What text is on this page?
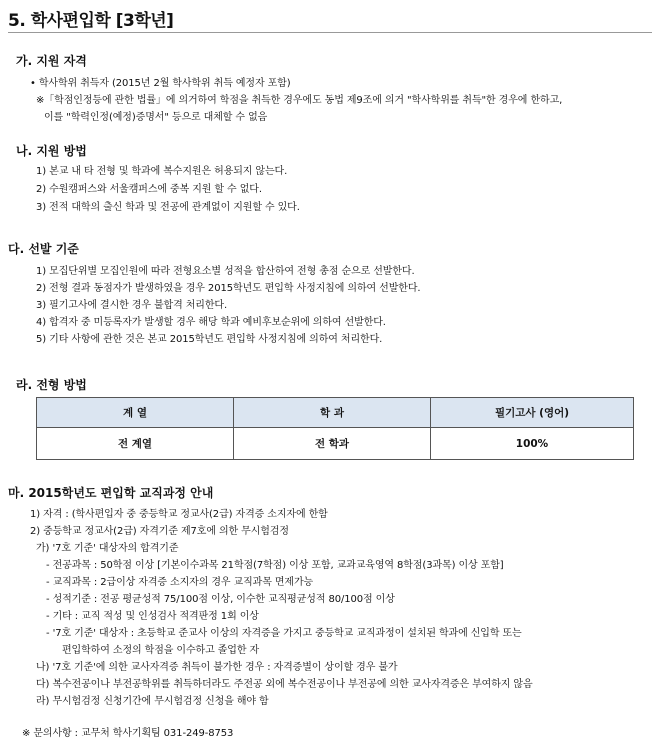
5. 학사편입학 [3학년]
가. 지원 자격
• 학사학위 취득자 (2015년 2월 학사학위 취득 예정자 포함)
※「학점인정등에 관한 법률」에 의거하여 학점을 취득한 경우에도 동법 제9조에 의거 "학사학위를 취득"한 경우에 한하고,
이를 "학력인정(예정)증명서" 등으로 대체할 수 없음
나. 지원 방법
1) 본교 내 타 전형 및 학과에 복수지원은 허용되지 않는다.
2) 수원캠퍼스와 서울캠퍼스에 중복 지원 할 수 없다.
3) 전적 대학의 출신 학과 및 전공에 관계없이 지원할 수 있다.
다. 선발 기준
1) 모집단위별 모집인원에 따라 전형요소별 성적을 합산하여 전형 총점 순으로 선발한다.
2) 전형 결과 동점자가 발생하였을 경우 2015학년도 편입학 사정지침에 의하여 선발한다.
3) 필기고사에 결시한 경우 불합격 처리한다.
4) 합격자 중 미등록자가 발생할 경우 해당 학과 예비후보순위에 의하여 선발한다.
5) 기타 사항에 관한 것은 본교 2015학년도 편입학 사정지침에 의하여 처리한다.
라. 전형 방법
계 열	학 과	필기고사 (영어)
전 계열	전 학과	100%
마. 2015학년도 편입학 교직과정 안내
1) 자격 : (학사편입자 중 중등학교 정교사(2급) 자격증 소지자에 한함
2) 중등학교 정교사(2급) 자격기준 제7호에 의한 무시험검정
가) '7호 기준' 대상자의 합격기준
- 전공과목 : 50학점 이상 [기본이수과목 21학점(7학점) 이상 포함, 교과교육영역 8학점(3과목) 이상 포함]
- 교직과목 : 2급이상 자격증 소지자의 경우 교직과목 면제가능
- 성적기준 : 전공 평균성적 75/100점 이상, 이수한 교직평균성적 80/100점 이상
- 기타 : 교직 적성 및 인성검사 적격판정 1회 이상
- '7호 기준' 대상자 : 초등학교 준교사 이상의 자격증을 가지고 중등학교 교직과정이 설치된 학과에 신입학 또는
편입학하여 소정의 학점을 이수하고 졸업한 자
나) '7호 기준'에 의한 교사자격증 취득이 불가한 경우 : 자격증별이 상이할 경우 불가
다) 복수전공이나 부전공학위를 취득하더라도 주전공 외에 복수전공이나 부전공에 의한 교사자격증은 부여하지 않음
라) 무시험검정 신청기간에 무시험검정 신청을 해야 함
※ 문의사항 : 교무처 학사기획팀 031-249-8753
